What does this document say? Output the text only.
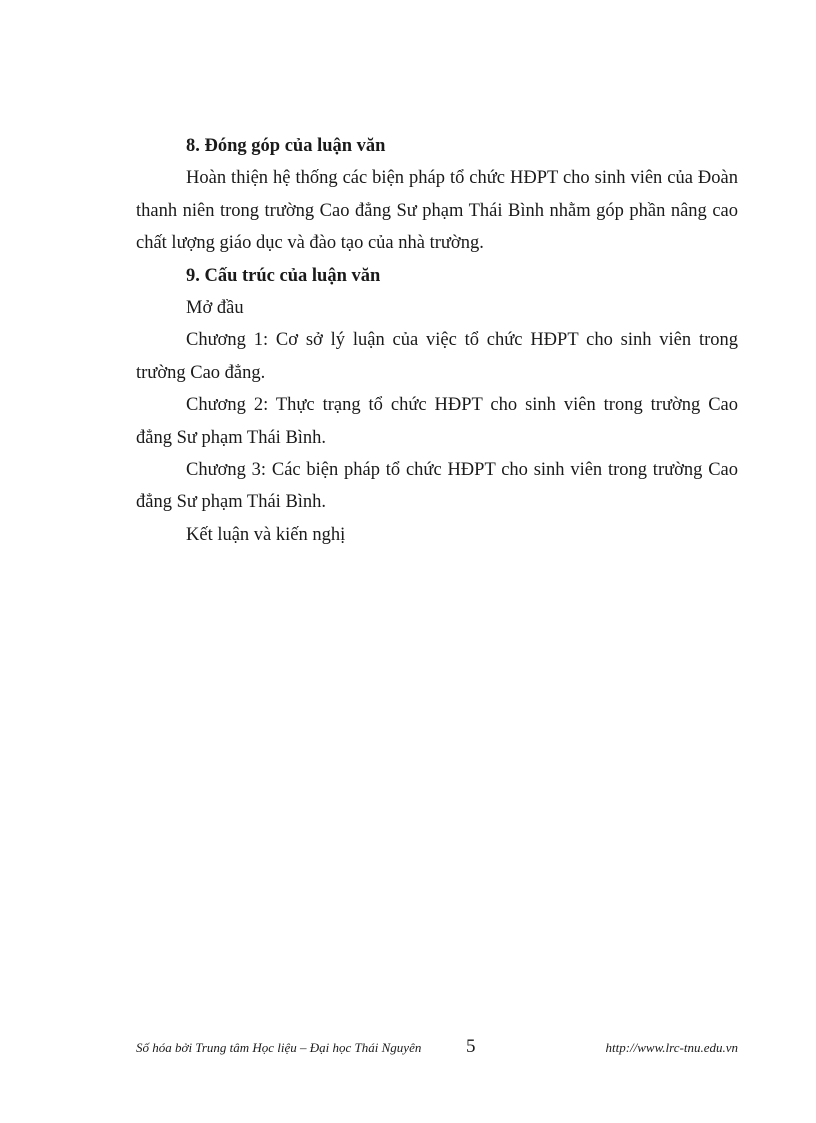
8. Đóng góp của luận văn

Hoàn thiện hệ thống các biện pháp tổ chức HĐPT cho sinh viên của Đoàn thanh niên trong trường Cao đẳng Sư phạm Thái Bình nhằm góp phần nâng cao chất lượng giáo dục và đào tạo của nhà trường.

9. Cấu trúc của luận văn

Mở đầu

Chương 1: Cơ sở lý luận của việc tổ chức HĐPT cho sinh viên trong trường Cao đẳng.

Chương 2: Thực trạng tổ chức HĐPT cho sinh viên trong trường Cao đẳng Sư phạm Thái Bình.

Chương 3: Các biện pháp tổ chức HĐPT cho sinh viên trong trường Cao đẳng Sư phạm Thái Bình.

Kết luận và kiến nghị

Số hóa bởi Trung tâm Học liệu – Đại học Thái Nguyên 5	http://www.lrc-tnu.edu.vn
